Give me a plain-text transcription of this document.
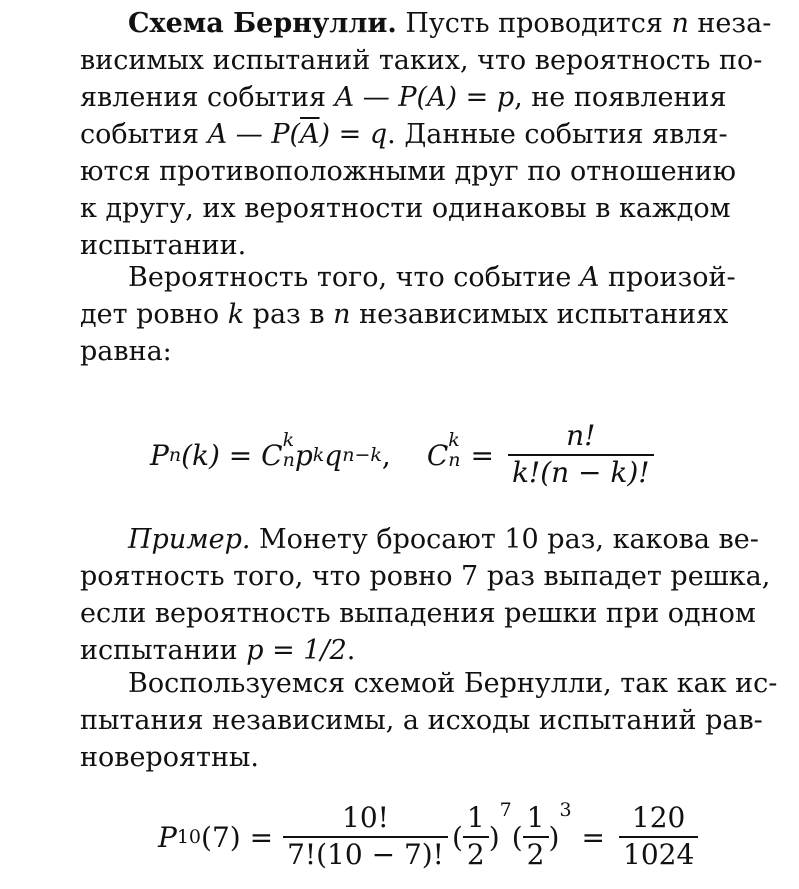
Схема Бернулли. Пусть проводится n неза-
висимых испытаний таких, что вероятность по-
явления события A — P(A) = p, не появления
события A — $P(\overline{A}) = q$. Данные события явля-
ются противоположными друг по отношению
к другу, их вероятности одинаковы в каждом
испытании.
Вероятность того, что событие A произой-
дет ровно k раз в n независимых испытаниях
равна:
P n (k) = C k
n p k q n−k , C k
$n = \frac{n!}{k!(n - k)!}$
Пример. Монету бросают 10 раз, какова ве-
роятность того, что ровно 7 раз выпадет решка,
если вероятность выпадения решки при одном
испытании p = 1/2.
Воспользуемся схемой Бернулли, так как ис-
пытания независимы, а исходы испытаний рав-
новероятны.
P 10 $(7) = \frac{10!}{7!(10 - 7)!}$ ( $\frac{1}{2}$ )
7
( $\frac{1}{2}$ )
3
= $\frac{120}{1024}$
